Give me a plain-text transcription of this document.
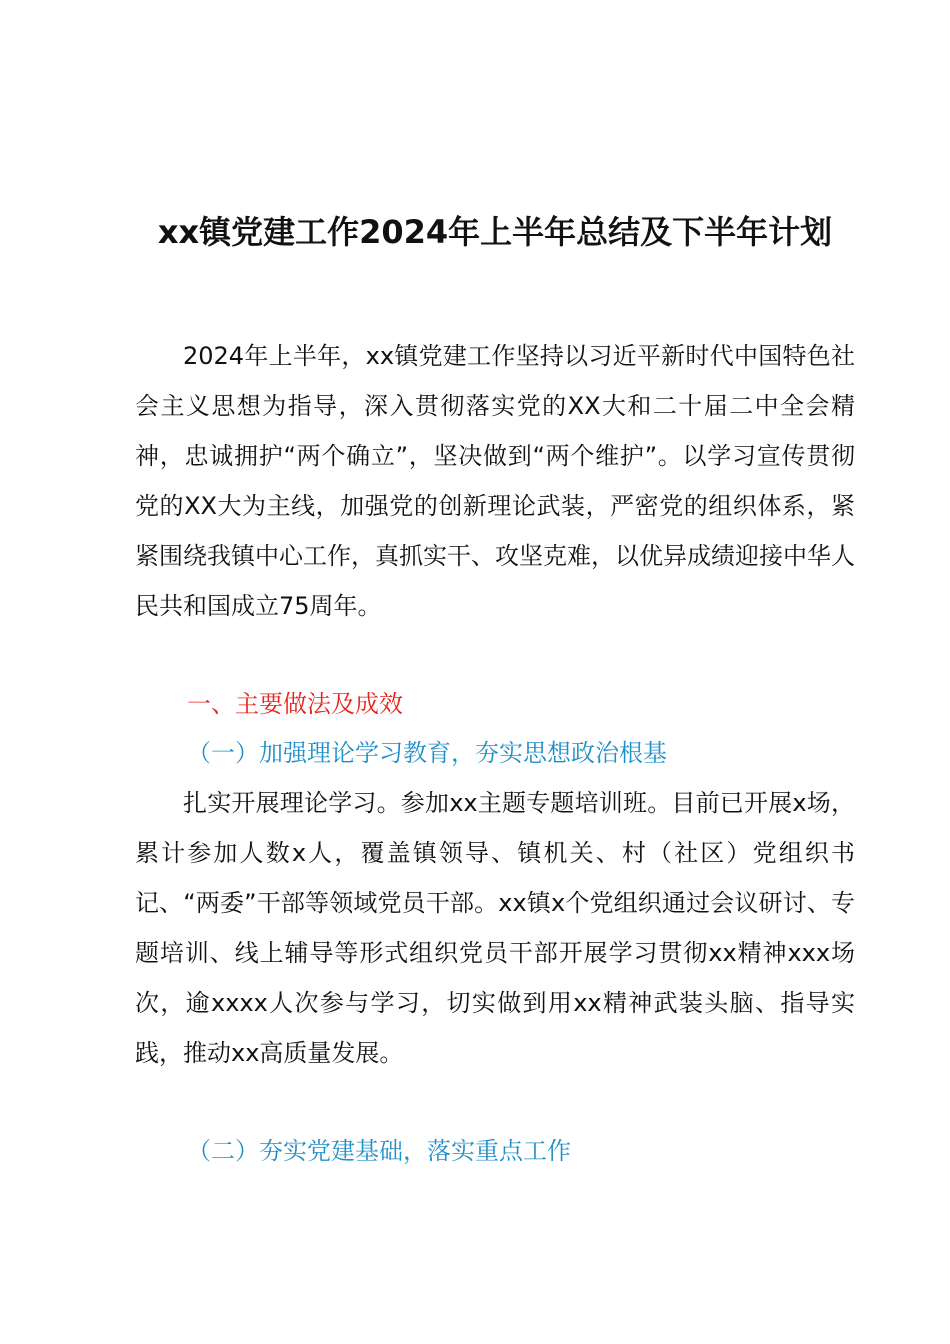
xx镇党建工作2024年上半年总结及下半年计划

2024年上半年，xx镇党建工作坚持以习近平新时代中国特色社会主义思想为指导，深入贯彻落实党的XX大和二十届二中全会精神，忠诚拥护“两个确立”，坚决做到“两个维护”。以学习宣传贯彻党的XX大为主线，加强党的创新理论武装，严密党的组织体系，紧紧围绕我镇中心工作，真抓实干、攻坚克难，以优异成绩迎接中华人民共和国成立75周年。

一、主要做法及成效

（一）加强理论学习教育，夯实思想政治根基

扎实开展理论学习。参加xx主题专题培训班。目前已开展x场，累计参加人数x人，覆盖镇领导、镇机关、村（社区）党组织书记、“两委”干部等领域党员干部。xx镇x个党组织通过会议研讨、专题培训、线上辅导等形式组织党员干部开展学习贯彻xx精神xxx场次，逾xxxx人次参与学习，切实做到用xx精神武装头脑、指导实践，推动xx高质量发展。

（二）夯实党建基础，落实重点工作
